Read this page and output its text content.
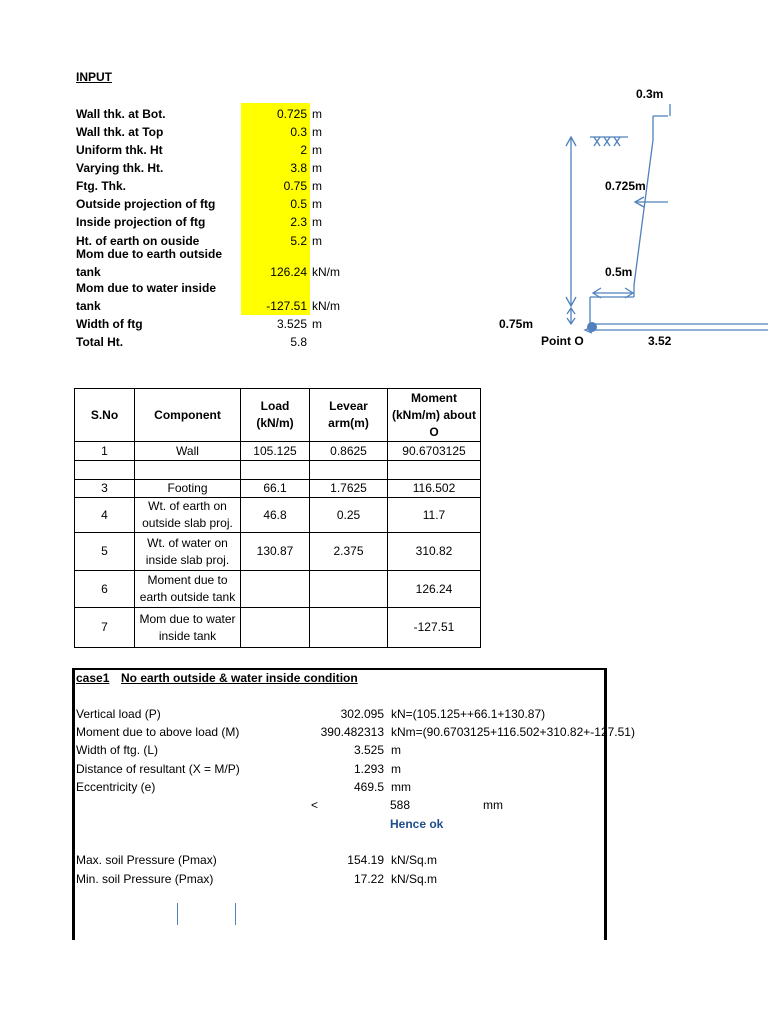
INPUT
Wall thk. at Bot.	0.725 m
Wall thk. at Top	0.3 m
Uniform thk. Ht	2 m
Varying thk. Ht.	3.8 m
Ftg. Thk.	0.75 m
Outside projection of ftg	0.5 m
Inside projection of ftg	2.3 m
Ht. of earth on ouside	5.2 m
Mom due to earth outside
tank	126.24 kN/m
Mom due to water inside
tank	-127.51 kN/m
Width of ftg	3.525 m
Total Ht.	5.8
0.3m
0.725m
0.5m
0.75m
Point O	3.52
S.No	Component	Load (kN/m)	Levear arm(m)	Moment (kNm/m) about O
1	Wall	105.125	0.8625	90.6703125

3	Footing	66.1	1.7625	116.502
4	Wt. of earth on outside slab proj.	46.8	0.25	11.7
5	Wt. of water on inside slab proj.	130.87	2.375	310.82
6	Moment due to earth outside tank			126.24
7	Mom due to water inside tank			-127.51
case1 No earth outside & water inside condition
Vertical load (P)	302.095 kN=(105.125++66.1+130.87)
Moment due to above load (M)	390.482313 kNm=(90.6703125+116.502+310.82+-127.51)
Width of ftg. (L)	3.525 m
Distance of resultant (X = M/P)	1.293 m
Eccentricity (e)	469.5 mm
<	588	mm
Hence ok
Max. soil Pressure (Pmax)	154.19 kN/Sq.m
Min. soil Pressure (Pmax)	17.22 kN/Sq.m
